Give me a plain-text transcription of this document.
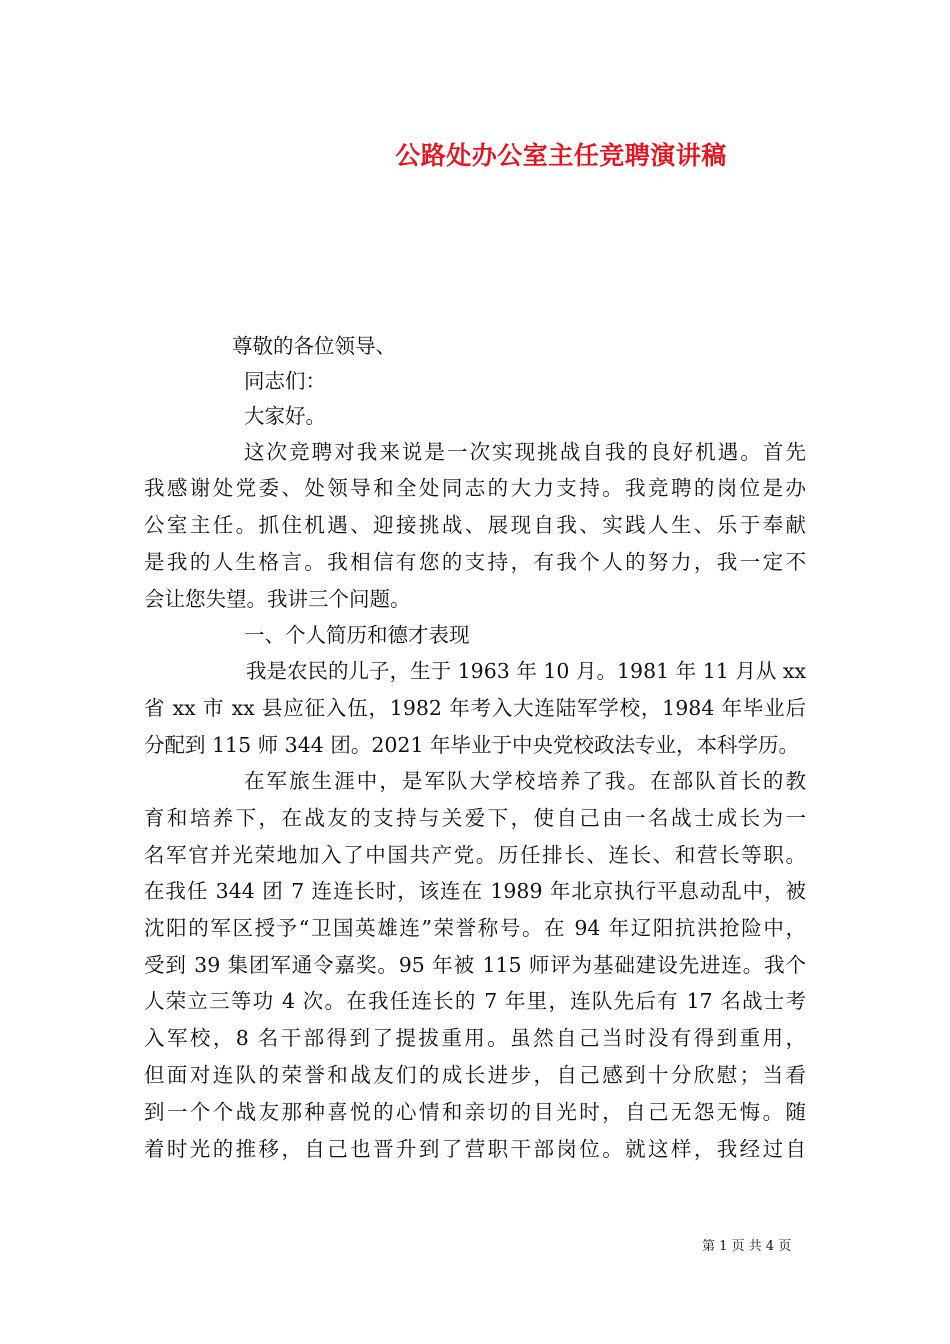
公路处办公室主任竞聘演讲稿
尊敬的各位领导、
同志们：
大家好。
这次竞聘对我来说是一次实现挑战自我的良好机遇。首先
我感谢处党委、处领导和全处同志的大力支持。我竞聘的岗位是办
公室主任。抓住机遇、迎接挑战、展现自我、实践人生、乐于奉献
是我的人生格言。我相信有您的支持，有我个人的努力，我一定不
会让您失望。我讲三个问题。
一、个人简历和德才表现
我是农民的儿子，生于 1963 年 10 月。1981 年 11 月从 xx
省 xx 市 xx 县应征入伍，1982 年考入大连陆军学校，1984 年毕业后
分配到 115 师 344 团。2021 年毕业于中央党校政法专业，本科学历。
在军旅生涯中，是军队大学校培养了我。在部队首长的教
育和培养下，在战友的支持与关爱下，使自己由一名战士成长为一
名军官并光荣地加入了中国共产党。历任排长、连长、和营长等职。
在我任 344 团 7 连连长时，该连在 1989 年北京执行平息动乱中，被
沈阳的军区授予“卫国英雄连”荣誉称号。在 94 年辽阳抗洪抢险中，
受到 39 集团军通令嘉奖。95 年被 115 师评为基础建设先进连。我个
人荣立三等功 4 次。在我任连长的 7 年里，连队先后有 17 名战士考
入军校，8 名干部得到了提拔重用。虽然自己当时没有得到重用，
但面对连队的荣誉和战友们的成长进步，自己感到十分欣慰；当看
到一个个战友那种喜悦的心情和亲切的目光时，自己无怨无悔。随
着时光的推移，自己也晋升到了营职干部岗位。就这样，我经过自
第 1 页 共 4 页
